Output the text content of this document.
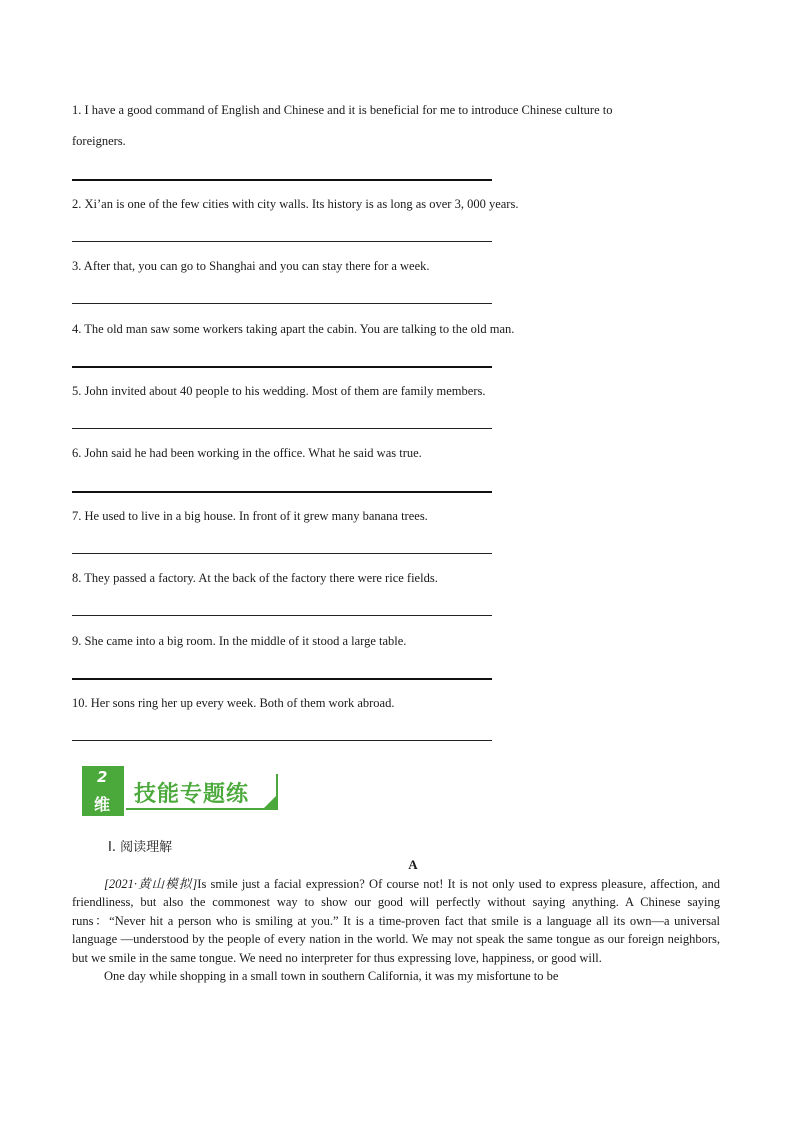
1. I have a good command of English and Chinese and it is beneficial for me to introduce Chinese culture to
foreigners.
2. Xi’an is one of the few cities with city walls. Its history is as long as over 3, 000 years.
3. After that, you can go to Shanghai and you can stay there for a week.
4. The old man saw some workers taking apart the cabin. You are talking to the old man.
5. John invited about 40 people to his wedding. Most of them are family members.
6. John said he had been working in the office. What he said was true.
7. He used to live in a big house. In front of it grew many banana trees.
8. They passed a factory. At the back of the factory there were rice fields.
9. She came into a big room. In the middle of it stood a large table.
10. Her sons ring her up every week. Both of them work abroad.
2
维 技能专题练
Ⅰ. 阅读理解
A

[2021·黄山模拟]Is smile just a facial expression? Of course not! It is not only used to express pleasure, affection, and friendliness, but also the commonest way to show our good will perfectly without saying anything. A Chinese saying runs：“Never hit a person who is smiling at you.” It is a time-proven fact that smile is a language all its own—a universal language —understood by the people of every nation in the world. We may not speak the same tongue as our foreign neighbors, but we smile in the same tongue. We need no interpreter for thus expressing love, happiness, or good will.

One day while shopping in a small town in southern California, it was my misfortune to be
